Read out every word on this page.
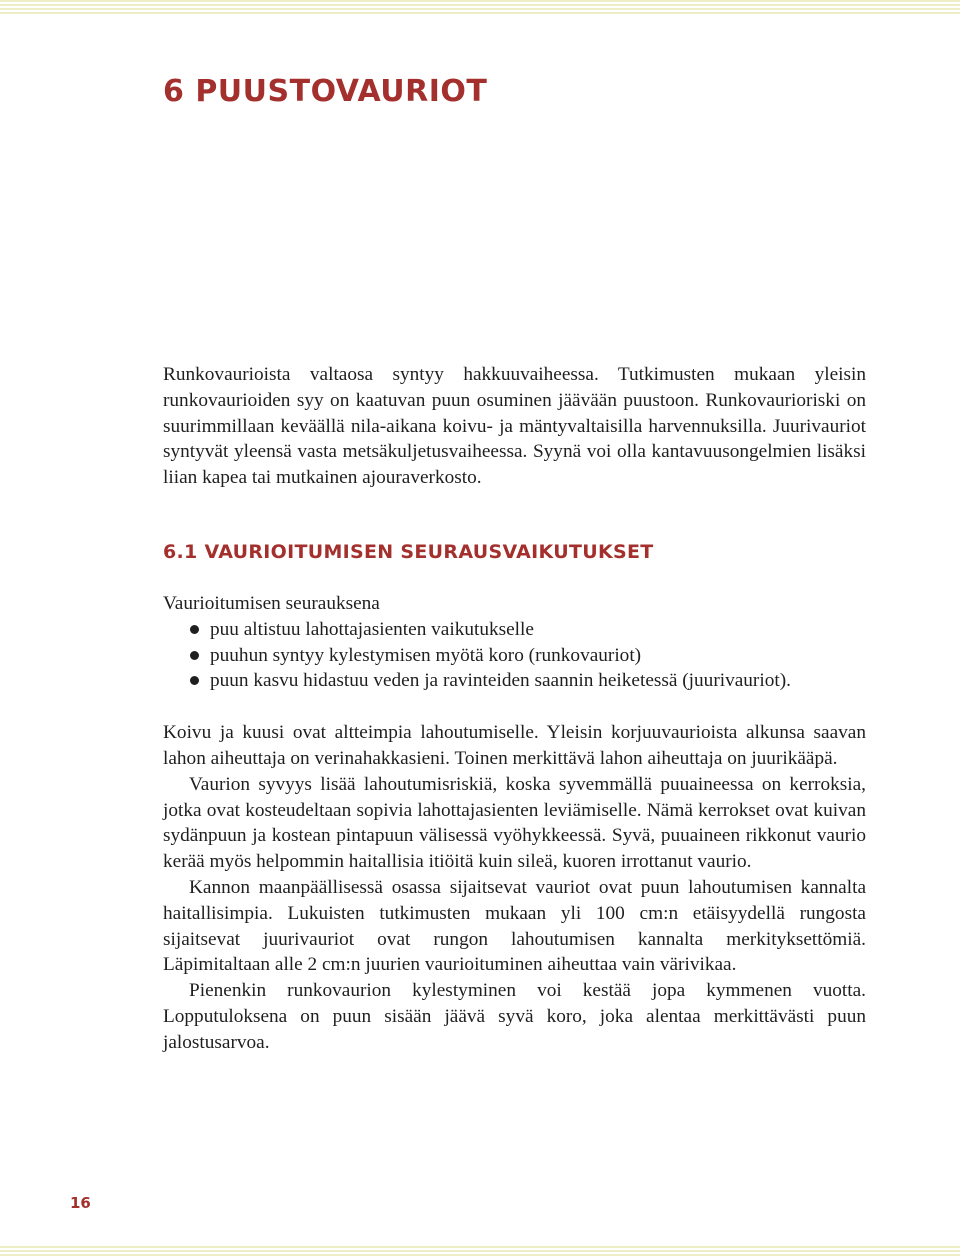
6 PUUSTOVAURIOT

Runkovaurioista valtaosa syntyy hakkuuvaiheessa. Tutkimusten mukaan yleisin runkovaurioiden syy on kaatuvan puun osuminen jäävään puustoon. Runkovaurioriski on suurimmillaan keväällä nila-aikana koivu- ja mäntyvaltaisilla harvennuksilla. Juurivauriot syntyvät yleensä vasta metsäkuljetusvaiheessa. Syynä voi olla kantavuusongelmien lisäksi liian kapea tai mutkainen ajouraverkosto.

6.1 VAURIOITUMISEN SEURAUSVAIKUTUKSET

Vaurioitumisen seurauksena

puu altistuu lahottajasienten vaikutukselle
puuhun syntyy kylestymisen myötä koro (runkovauriot)
puun kasvu hidastuu veden ja ravinteiden saannin heiketessä (juurivauriot).

Koivu ja kuusi ovat altteimpia lahoutumiselle. Yleisin korjuuvaurioista alkunsa saavan lahon aiheuttaja on verinahakkasieni. Toinen merkittävä lahon aiheuttaja on juurikääpä.

Vaurion syvyys lisää lahoutumisriskiä, koska syvemmällä puuaineessa on kerroksia, jotka ovat kosteudeltaan sopivia lahottajasienten leviämiselle. Nämä kerrokset ovat kuivan sydänpuun ja kostean pintapuun välisessä vyöhykkeessä. Syvä, puuaineen rikkonut vaurio kerää myös helpommin haitallisia itiöitä kuin sileä, kuoren irrottanut vaurio.

Kannon maanpäällisessä osassa sijaitsevat vauriot ovat puun lahoutumisen kannalta haitallisimpia. Lukuisten tutkimusten mukaan yli 100 cm:n etäisyydellä rungosta sijaitsevat juurivauriot ovat rungon lahoutumisen kannalta merkityksettömiä. Läpimitaltaan alle 2 cm:n juurien vaurioituminen aiheuttaa vain värivikaa.

Pienenkin runkovaurion kylestyminen voi kestää jopa kymmenen vuotta. Lopputuloksena on puun sisään jäävä syvä koro, joka alentaa merkittävästi puun jalostusarvoa.

16
